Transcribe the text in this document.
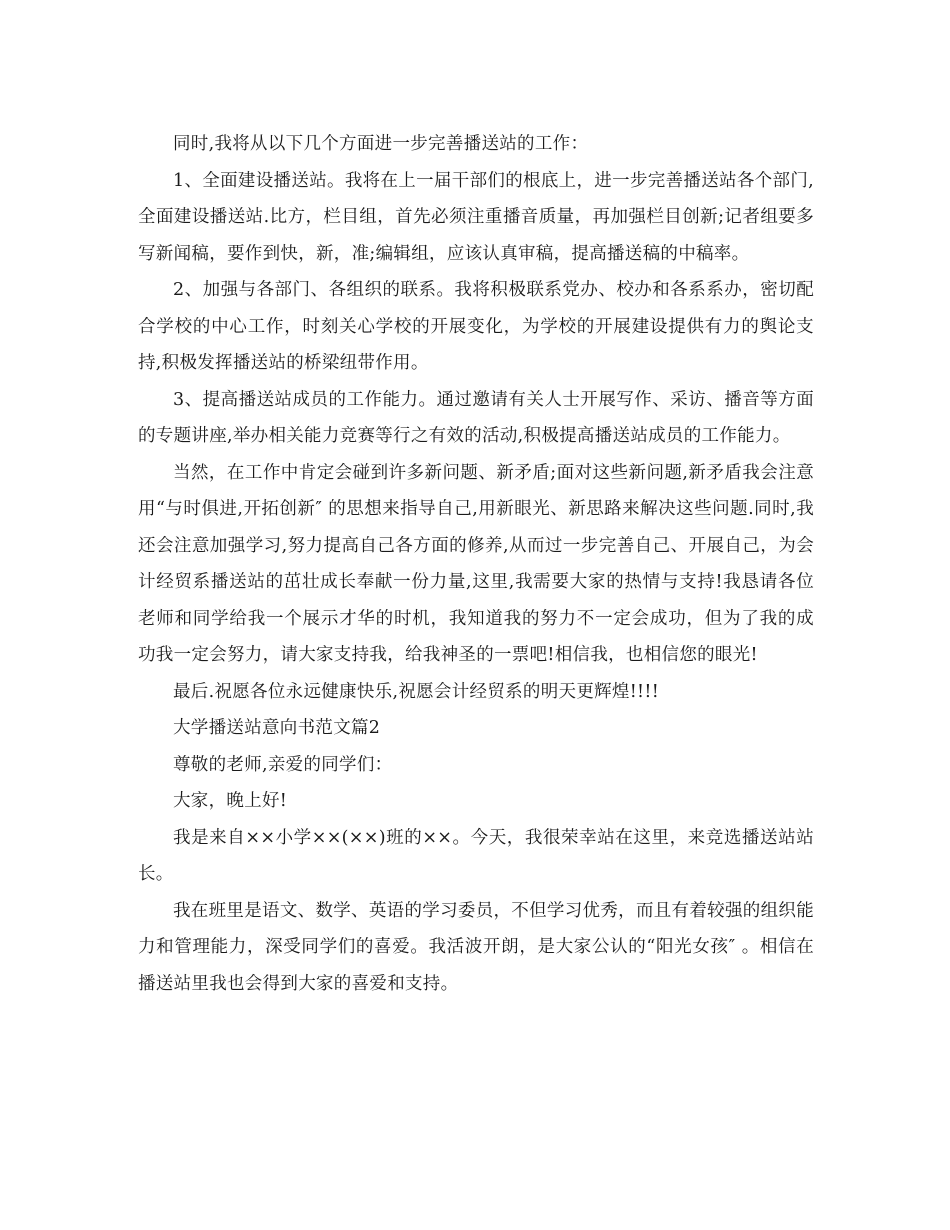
同时,我将从以下几个方面进一步完善播送站的工作：

1、全面建设播送站。我将在上一届干部们的根底上，进一步完善播送站各个部门,全面建设播送站.比方，栏目组，首先必须注重播音质量，再加强栏目创新;记者组要多写新闻稿，要作到快，新，准;编辑组，应该认真审稿，提高播送稿的中稿率。

2、加强与各部门、各组织的联系。我将积极联系党办、校办和各系系办，密切配合学校的中心工作，时刻关心学校的开展变化，为学校的开展建设提供有力的舆论支持,积极发挥播送站的桥梁纽带作用。

3、提高播送站成员的工作能力。通过邀请有关人士开展写作、采访、播音等方面的专题讲座,举办相关能力竞赛等行之有效的活动,积极提高播送站成员的工作能力。

当然，在工作中肯定会碰到许多新问题、新矛盾;面对这些新问题,新矛盾我会注意用“与时俱进,开拓创新″ 的思想来指导自己,用新眼光、新思路来解决这些问题.同时,我还会注意加强学习,努力提高自己各方面的修养,从而过一步完善自己、开展自己，为会计经贸系播送站的茁壮成长奉献一份力量,这里,我需要大家的热情与支持!我恳请各位老师和同学给我一个展示才华的时机，我知道我的努力不一定会成功，但为了我的成功我一定会努力，请大家支持我，给我神圣的一票吧!相信我，也相信您的眼光!

最后.祝愿各位永远健康快乐,祝愿会计经贸系的明天更辉煌!!!!

大学播送站意向书范文篇2

尊敬的老师,亲爱的同学们：

大家，晚上好!

我是来自××小学××(××)班的××。今天，我很荣幸站在这里，来竞选播送站站长。

我在班里是语文、数学、英语的学习委员，不但学习优秀，而且有着较强的组织能力和管理能力，深受同学们的喜爱。我活波开朗，是大家公认的“阳光女孩″ 。相信在播送站里我也会得到大家的喜爱和支持。
